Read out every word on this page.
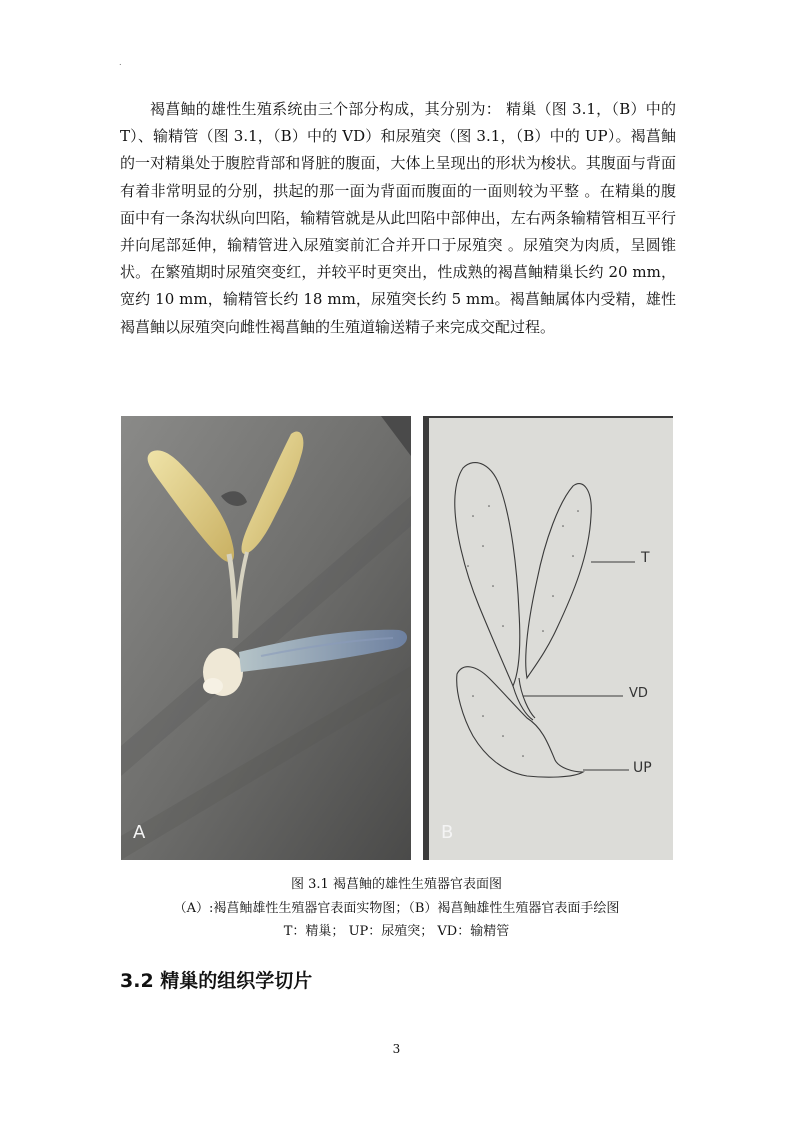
.

褐菖鲉的雄性生殖系统由三个部分构成，其分别为： 精巢（图 3.1，（B）中的 T）、输精管（图 3.1，（B）中的 VD）和尿殖突（图 3.1，（B）中的 UP）。褐菖鲉的一对精巢处于腹腔背部和肾脏的腹面，大体上呈现出的形状为梭状。其腹面与背面有着非常明显的分别，拱起的那一面为背面而腹面的一面则较为平整 。在精巢的腹面中有一条沟状纵向凹陷，输精管就是从此凹陷中部伸出，左右两条输精管相互平行并向尾部延伸，输精管进入尿殖窦前汇合并开口于尿殖突 。尿殖突为肉质，呈圆锥状。在繁殖期时尿殖突变红，并较平时更突出，性成熟的褐菖鲉精巢长约 20 mm，宽约 10 mm，输精管长约 18 mm，尿殖突长约 5 mm。褐菖鲉属体内受精，雄性褐菖鲉以尿殖突向雌性褐菖鲉的生殖道输送精子来完成交配过程。

A	B
T
VD
UP

图 3.1 褐菖鲉的雄性生殖器官表面图

（A）:褐菖鲉雄性生殖器官表面实物图；（B）褐菖鲉雄性生殖器官表面手绘图

T：精巢； UP：尿殖突； VD：输精管

3.2 精巢的组织学切片
3
